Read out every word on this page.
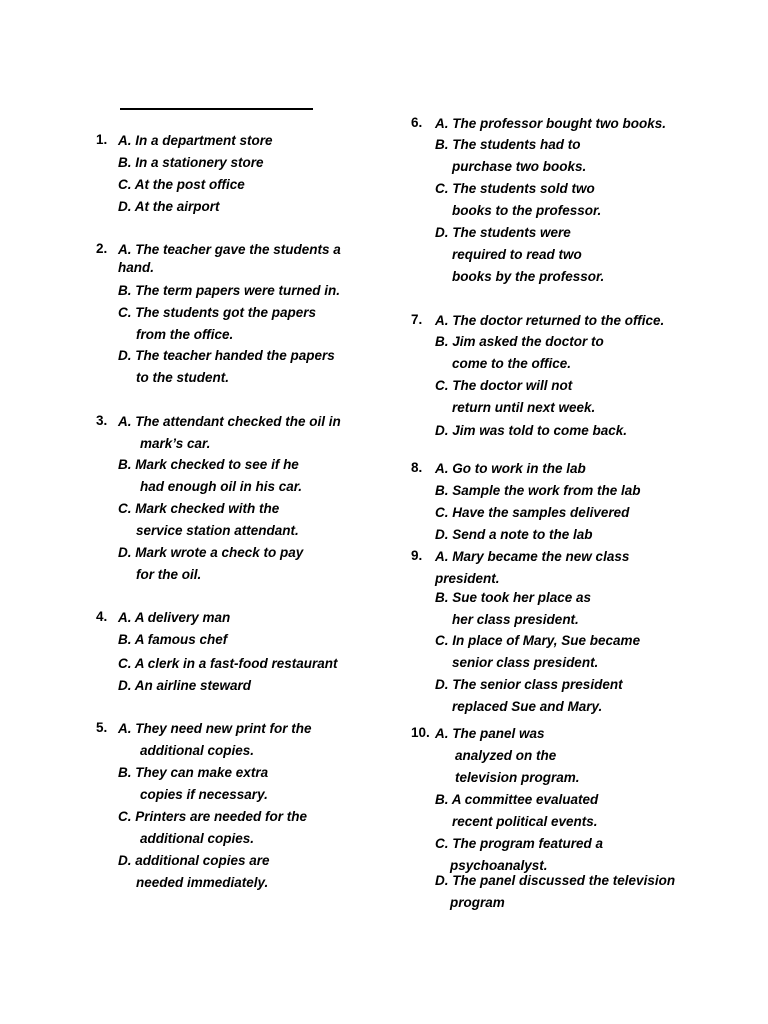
1. A. In a department store
B. In a stationery store
C. At the post office
D. At the airport
2. A. The teacher gave the students a
hand.
B. The term papers were turned in.
C. The students got the papers
from the office.
D. The teacher handed the papers
to the student.
3. A. The attendant checked the oil in
mark’s car.
B. Mark checked to see if he
had enough oil in his car.
C. Mark checked with the
service station attendant.
D. Mark wrote a check to pay
for the oil.
4. A. A delivery man
B. A famous chef
C. A clerk in a fast-food restaurant
D. An airline steward
5. A. They need new print for the
additional copies.
B. They can make extra
copies if necessary.
C. Printers are needed for the
additional copies.
D. additional copies are
needed immediately.
6. A. The professor bought two books.
B. The students had to
purchase two books.
C. The students sold two
books to the professor.
D. The students were
required to read two
books by the professor.
7. A. The doctor returned to the office.
B. Jim asked the doctor to
come to the office.
C. The doctor will not
return until next week.
D. Jim was told to come back.
8. A. Go to work in the lab
B. Sample the work from the lab
C. Have the samples delivered
D. Send a note to the lab
9. A. Mary became the new class
president.
B. Sue took her place as
her class president.
C. In place of Mary, Sue became
senior class president.
D. The senior class president
replaced Sue and Mary.
10. A. The panel was
analyzed on the
television program.
B. A committee evaluated
recent political events.
C. The program featured a
psychoanalyst.
D. The panel discussed the television
program
